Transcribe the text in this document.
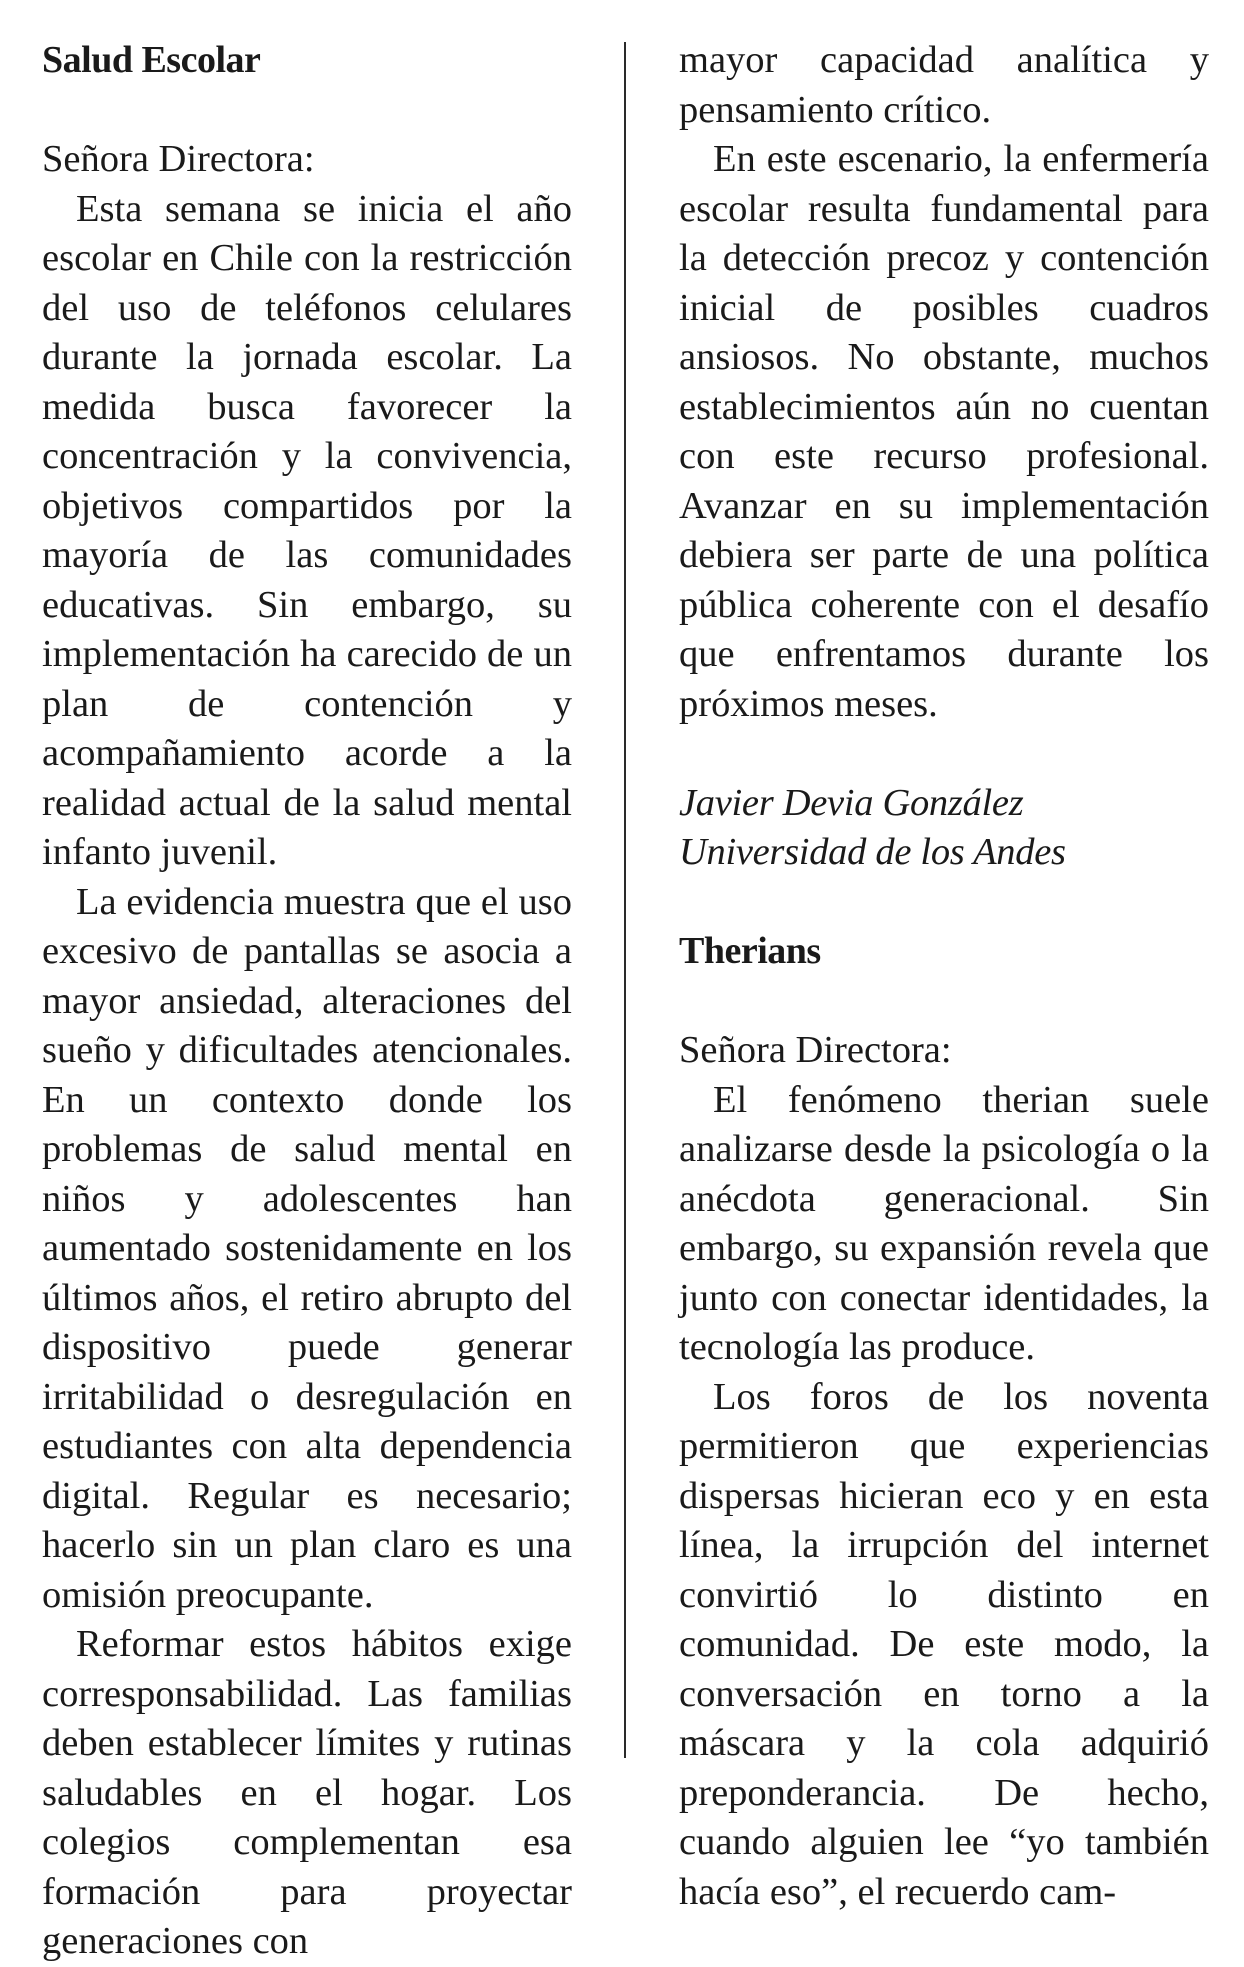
Salud Escolar

Señora Directora:

Esta semana se inicia el año escolar en Chile con la restricción del uso de teléfonos celulares durante la jornada escolar. La medida busca favorecer la concentración y la convivencia, objetivos compartidos por la mayoría de las comunidades educativas. Sin embargo, su implementación ha carecido de un plan de contención y acompañamiento acorde a la realidad actual de la salud mental infanto juvenil.

La evidencia muestra que el uso excesivo de pantallas se asocia a mayor ansiedad, alteraciones del sueño y dificultades atencionales. En un contexto donde los problemas de salud mental en niños y adolescentes han aumentado sostenidamente en los últimos años, el retiro abrupto del dispositivo puede generar irritabilidad o desregulación en estudiantes con alta dependencia digital. Regular es necesario; hacerlo sin un plan claro es una omisión preocupante.

Reformar estos hábitos exige corresponsabilidad. Las familias deben establecer límites y rutinas saludables en el hogar. Los colegios complementan esa formación para proyectar generaciones con

mayor capacidad analítica y pensamiento crítico.

En este escenario, la enfermería escolar resulta fundamental para la detección precoz y contención inicial de posibles cuadros ansiosos. No obstante, muchos establecimientos aún no cuentan con este recurso profesional. Avanzar en su implementación debiera ser parte de una política pública coherente con el desafío que enfrentamos durante los próximos meses.

Javier Devia González

Universidad de los Andes

Therians

Señora Directora:

El fenómeno therian suele analizarse desde la psicología o la anécdota generacional. Sin embargo, su expansión revela que junto con conectar identidades, la tecnología las produce.

Los foros de los noventa permitieron que experiencias dispersas hicieran eco y en esta línea, la irrupción del internet convirtió lo distinto en comunidad. De este modo, la conversación en torno a la máscara y la cola adquirió preponderancia. De hecho, cuando alguien lee “yo también hacía eso”, el recuerdo cam-
